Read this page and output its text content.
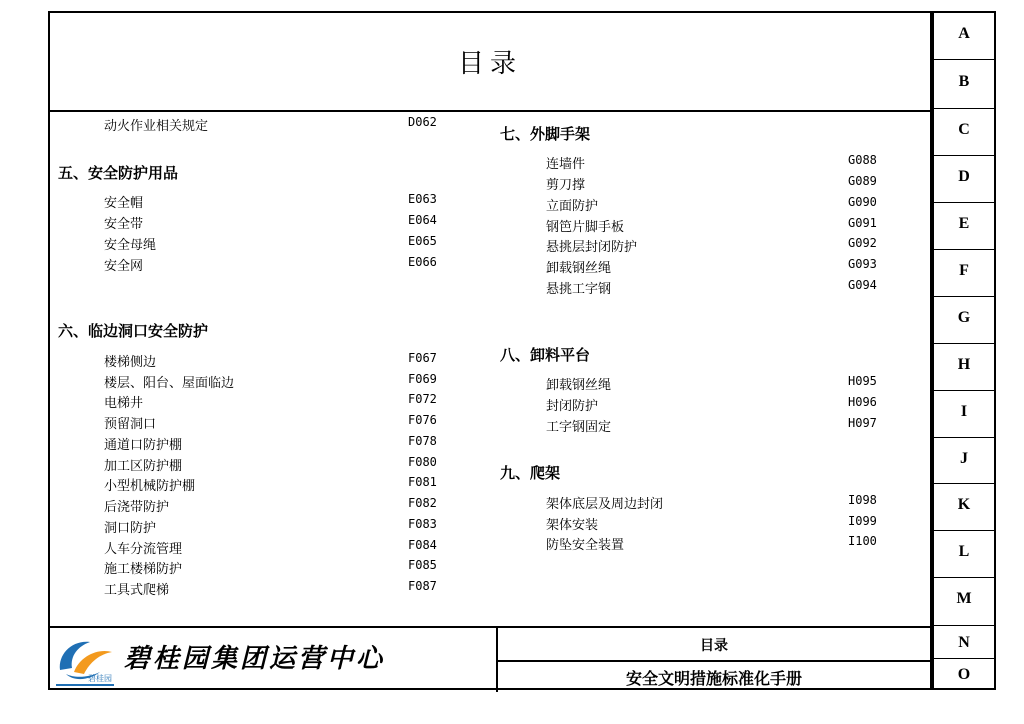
目录
动火作业相关规定	D062
五、安全防护用品
安全帽	E063
安全带	E064
安全母绳	E065
安全网	E066
六、临边洞口安全防护
楼梯侧边	F067
楼层、阳台、屋面临边	F069
电梯井	F072
预留洞口	F076
通道口防护棚	F078
加工区防护棚	F080
小型机械防护棚	F081
后浇带防护	F082
洞口防护	F083
人车分流管理	F084
施工楼梯防护	F085
工具式爬梯	F087
七、外脚手架
连墙件	G088
剪刀撑	G089
立面防护	G090
钢笆片脚手板	G091
悬挑层封闭防护	G092
卸载钢丝绳	G093
悬挑工字钢	G094
八、卸料平台
卸载钢丝绳	H095
封闭防护	H096
工字钢固定	H097
九、爬架
架体底层及周边封闭	I098
架体安装	I099
防坠安全装置	I100
碧桂园
碧桂园集团运营中心	目录
安全文明措施标准化手册
A
B
C
D
E
F
G
H
I
J
K
L
M
N
O
